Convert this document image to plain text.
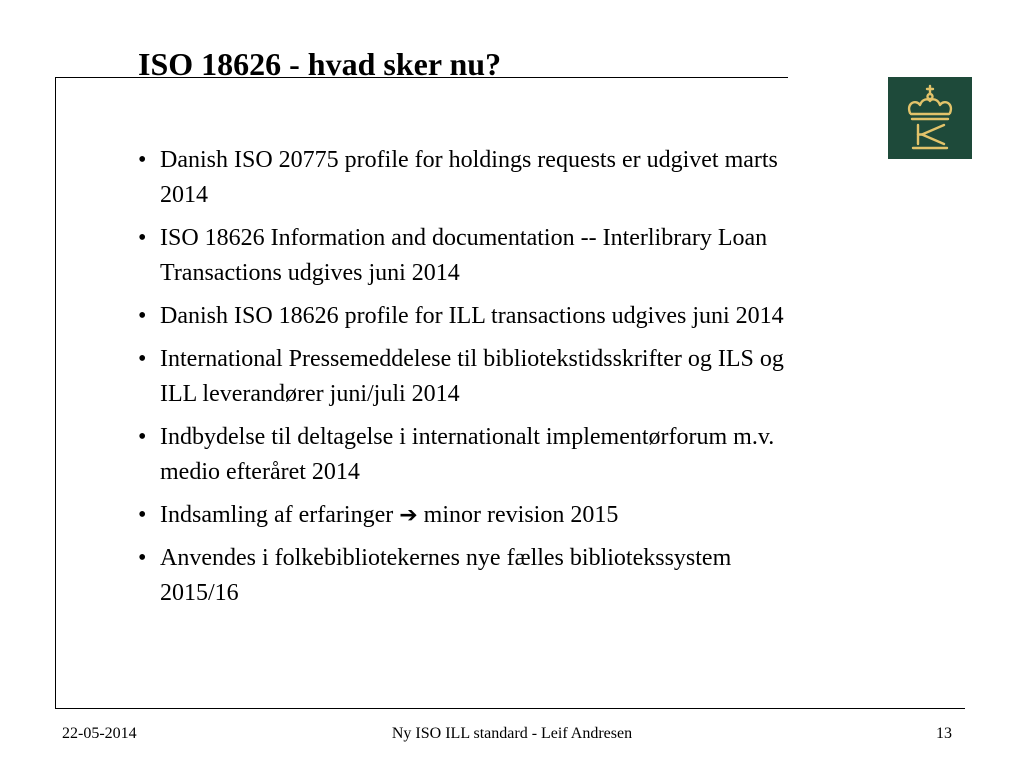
ISO 18626 - hvad sker nu?
• Danish ISO 20775 profile for holdings requests er udgivet marts 2014
• ISO 18626 Information and documentation -- Interlibrary Loan Transactions udgives juni 2014
• Danish ISO 18626 profile for ILL transactions udgives juni 2014
• International Pressemeddelese til bibliotekstidsskrifter og ILS og ILL leverandører juni/juli 2014
• Indbydelse til deltagelse i internationalt implementørforum m.v. medio efteråret 2014
• Indsamling af erfaringer ➔ minor revision 2015
• Anvendes i folkebibliotekernes nye fælles bibliotekssystem 2015/16
22-05-2014	Ny ISO ILL standard - Leif Andresen	13
